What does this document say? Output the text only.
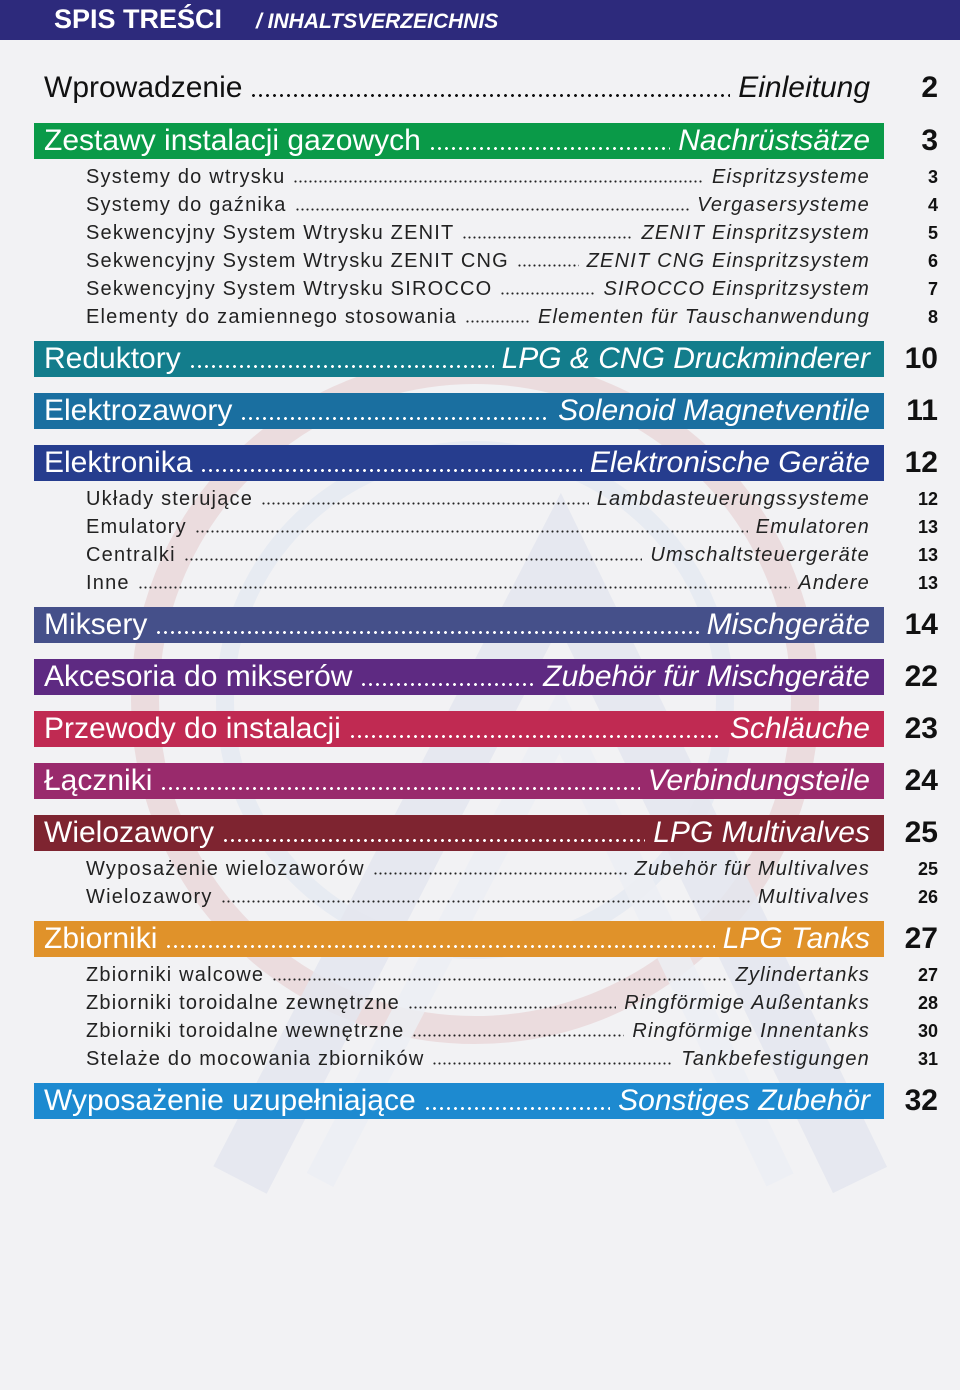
SPIS TREŚCI / INHALTSVERZEICHNIS
Wprowadzenie	Einleitung	2
Zestawy instalacji gazowych	Nachrüstsätze	3
Systemy do wtrysku	Eispritzsysteme	3
Systemy do gaźnika	Vergasersysteme	4
Sekwencyjny System Wtrysku ZENIT	ZENIT Einspritzsystem	5
Sekwencyjny System Wtrysku ZENIT CNG	ZENIT CNG Einspritzsystem	6
Sekwencyjny System Wtrysku SIROCCO	SIROCCO Einspritzsystem	7
Elementy do zamiennego stosowania	Elementen für Tauschanwendung	8
Reduktory	LPG & CNG Druckminderer	10
Elektrozawory	Solenoid Magnetventile	11
Elektronika	Elektronische Geräte	12
Układy sterujące	Lambdasteuerungssysteme	12
Emulatory	Emulatoren	13
Centralki	Umschaltsteuergeräte	13
Inne	Andere	13
Miksery	Mischgeräte	14
Akcesoria do mikserów	Zubehör für Mischgeräte	22
Przewody do instalacji	Schläuche	23
Łączniki	Verbindungsteile	24
Wielozawory	LPG Multivalves	25
Wyposażenie wielozaworów	Zubehör für Multivalves	25
Wielozawory	Multivalves	26
Zbiorniki	LPG Tanks	27
Zbiorniki walcowe	Zylindertanks	27
Zbiorniki toroidalne zewnętrzne	Ringförmige Außentanks	28
Zbiorniki toroidalne wewnętrzne	Ringförmige Innentanks	30
Stelaże do mocowania zbiorników	Tankbefestigungen	31
Wyposażenie uzupełniające	Sonstiges Zubehör	32
